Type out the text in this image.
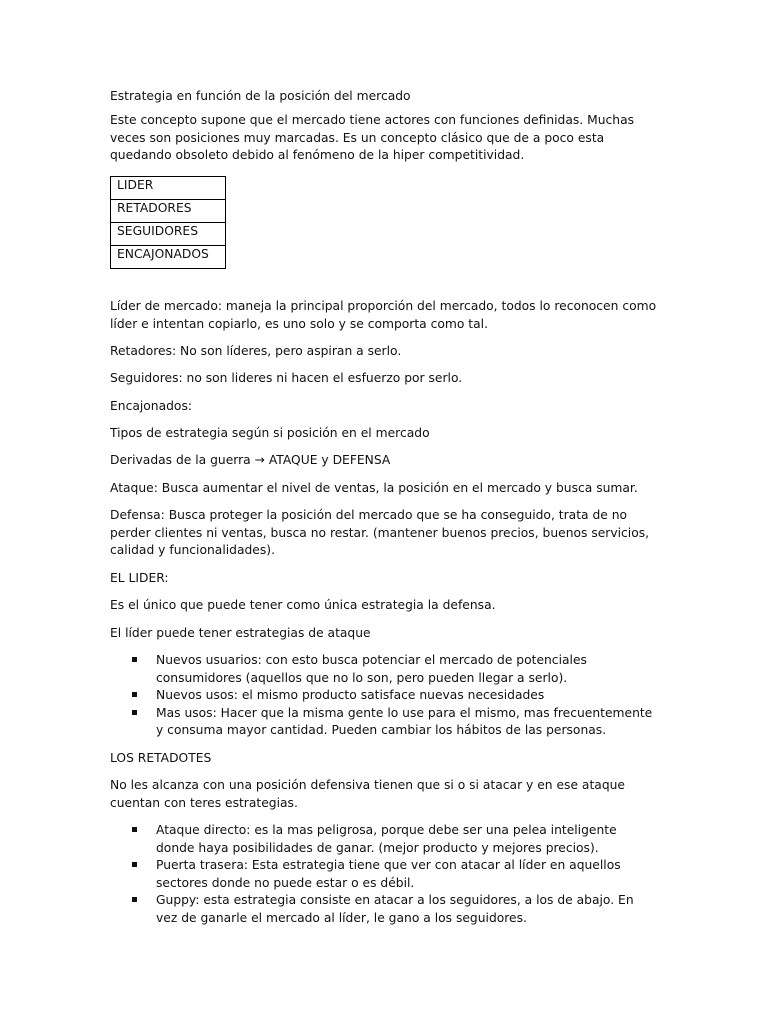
Estrategia en función de la posición del mercado

Este concepto supone que el mercado tiene actores con funciones definidas. Muchas veces son posiciones muy marcadas. Es un concepto clásico que de a poco esta quedando obsoleto debido al fenómeno de la hiper competitividad.

LIDER
RETADORES
SEGUIDORES
ENCAJONADOS

Líder de mercado: maneja la principal proporción del mercado, todos lo reconocen como líder e intentan copiarlo, es uno solo y se comporta como tal.

Retadores: No son líderes, pero aspiran a serlo.

Seguidores: no son lideres ni hacen el esfuerzo por serlo.

Encajonados:

Tipos de estrategia según si posición en el mercado

Derivadas de la guerra → ATAQUE y DEFENSA

Ataque: Busca aumentar el nivel de ventas, la posición en el mercado y busca sumar.

Defensa: Busca proteger la posición del mercado que se ha conseguido, trata de no perder clientes ni ventas, busca no restar. (mantener buenos precios, buenos servicios, calidad y funcionalidades).

EL LIDER:

Es el único que puede tener como única estrategia la defensa.

El líder puede tener estrategias de ataque

Nuevos usuarios: con esto busca potenciar el mercado de potenciales consumidores (aquellos que no lo son, pero pueden llegar a serlo).
Nuevos usos: el mismo producto satisface nuevas necesidades
Mas usos: Hacer que la misma gente lo use para el mismo, mas frecuentemente y consuma mayor cantidad. Pueden cambiar los hábitos de las personas.

LOS RETADOTES

No les alcanza con una posición defensiva tienen que si o si atacar y en ese ataque cuentan con teres estrategias.

Ataque directo: es la mas peligrosa, porque debe ser una pelea inteligente donde haya posibilidades de ganar. (mejor producto y mejores precios).
Puerta trasera: Esta estrategia tiene que ver con atacar al líder en aquellos sectores donde no puede estar o es débil.
Guppy: esta estrategia consiste en atacar a los seguidores, a los de abajo. En vez de ganarle el mercado al líder, le gano a los seguidores.
